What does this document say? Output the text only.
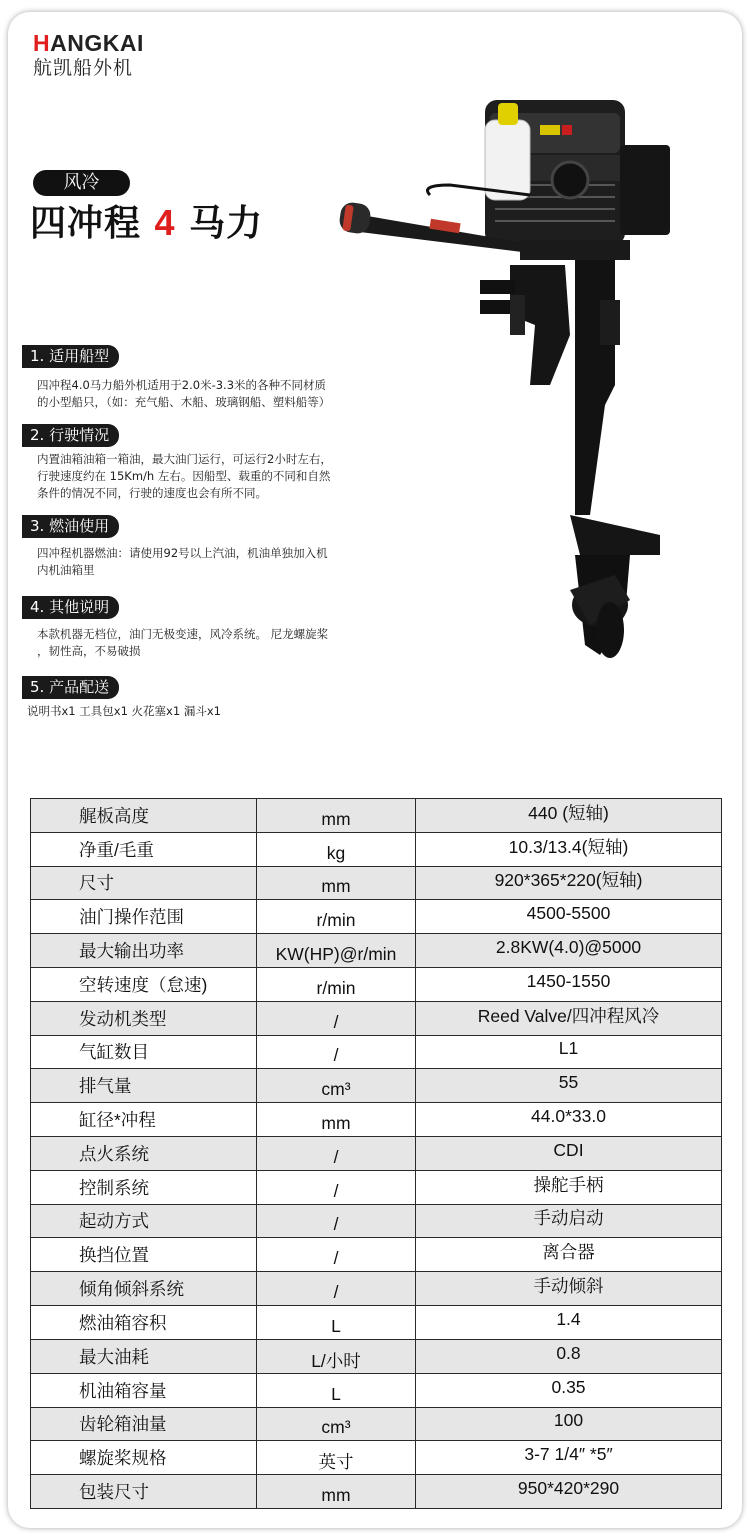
HANGKAI
航凯船外机
风冷
四冲程 4 马力
1. 适用船型
四冲程4.0马力船外机适用于2.0米-3.3米的各种不同材质
的小型船只，（如：充气船、木船、玻璃钢船、塑料船等）
2. 行驶情况
内置油箱油箱一箱油，最大油门运行，可运行2小时左右，
行驶速度约在 15Km/h 左右。因船型、载重的不同和自然
条件的情况不同，行驶的速度也会有所不同。
3. 燃油使用
四冲程机器燃油：请使用92号以上汽油，机油单独加入机
内机油箱里
4. 其他说明
本款机器无档位，油门无极变速，风冷系统。 尼龙螺旋桨
，韧性高，不易破损
5. 产品配送
说明书x1 工具包x1 火花塞x1 漏斗x1
艉板高度	mm	440 (短轴)
净重/毛重	kg	10.3/13.4(短轴)
尺寸	mm	920*365*220(短轴)
油门操作范围	r/min	4500-5500
最大输出功率	KW(HP)@r/min	2.8KW(4.0)@5000
空转速度（怠速)	r/min	1450-1550
发动机类型	/	Reed Valve/四冲程风冷
气缸数目	/	L1
排气量	cm³	55
缸径*冲程	mm	44.0*33.0
点火系统	/	CDI
控制系统	/	操舵手柄
起动方式	/	手动启动
换挡位置	/	离合器
倾角倾斜系统	/	手动倾斜
燃油箱容积	L	1.4
最大油耗	L/小时	0.8
机油箱容量	L	0.35
齿轮箱油量	cm³	100
螺旋桨规格	英寸	3-7 1/4″ *5″
包装尺寸	mm	950*420*290
